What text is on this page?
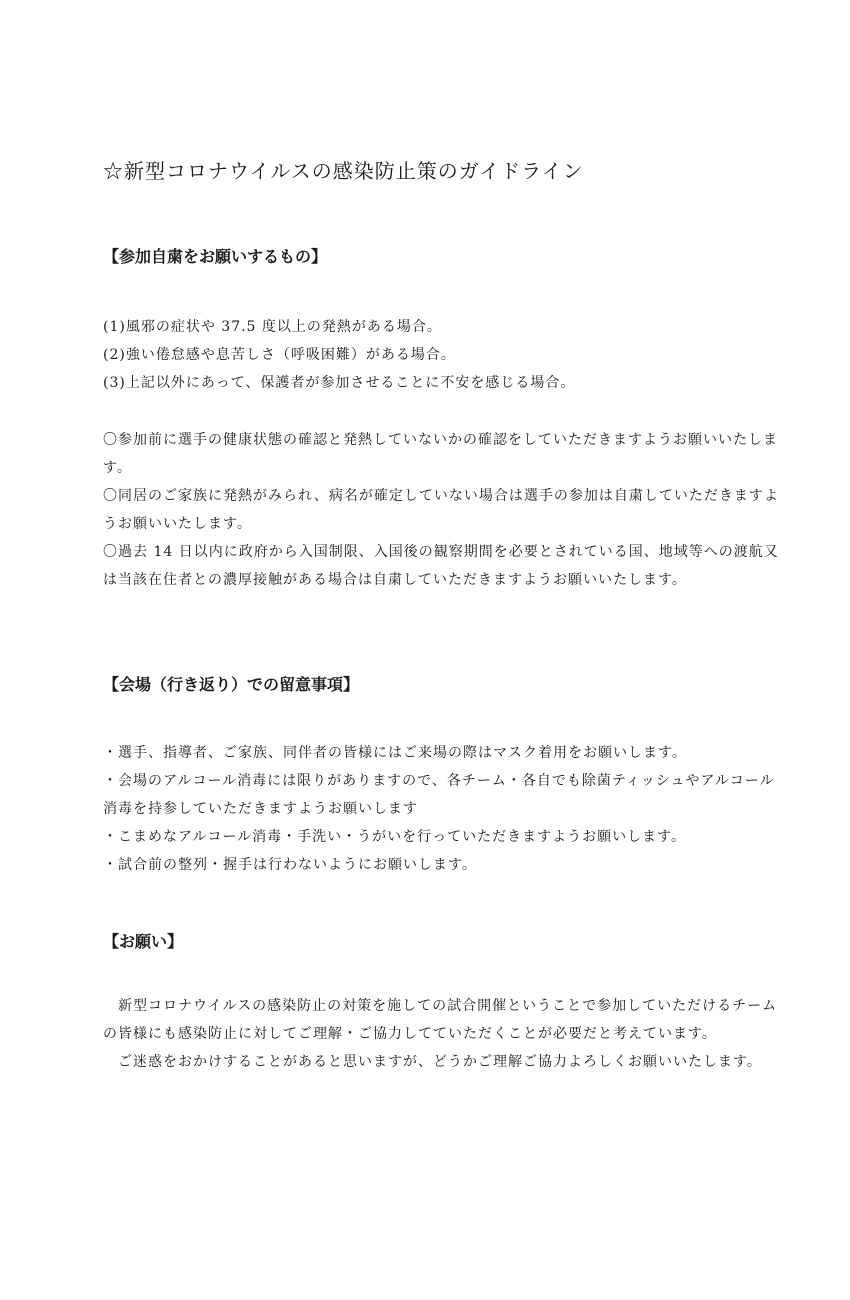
☆新型コロナウイルスの感染防止策のガイドライン
【参加自粛をお願いするもの】

(1)風邪の症状や 37.5 度以上の発熱がある場合。

(2)強い倦怠感や息苦しさ（呼吸困難）がある場合。

(3)上記以外にあって、保護者が参加させることに不安を感じる場合。

〇参加前に選手の健康状態の確認と発熱していないかの確認をしていただきますようお願いいたします。

〇同居のご家族に発熱がみられ、病名が確定していない場合は選手の参加は自粛していただきますようお願いいたします。

〇過去 14 日以内に政府から入国制限、入国後の観察期間を必要とされている国、地域等への渡航又は当該在住者との濃厚接触がある場合は自粛していただきますようお願いいたします。

【会場（行き返り）での留意事項】

・選手、指導者、ご家族、同伴者の皆様にはご来場の際はマスク着用をお願いします。

・会場のアルコール消毒には限りがありますので、各チーム・各自でも除菌ティッシュやアルコール消毒を持参していただきますようお願いします

・こまめなアルコール消毒・手洗い・うがいを行っていただきますようお願いします。

・試合前の整列・握手は行わないようにお願いします。

【お願い】

新型コロナウイルスの感染防止の対策を施しての試合開催ということで参加していただけるチームの皆様にも感染防止に対してご理解・ご協力してていただくことが必要だと考えています。

ご迷惑をおかけすることがあると思いますが、どうかご理解ご協力よろしくお願いいたします。
